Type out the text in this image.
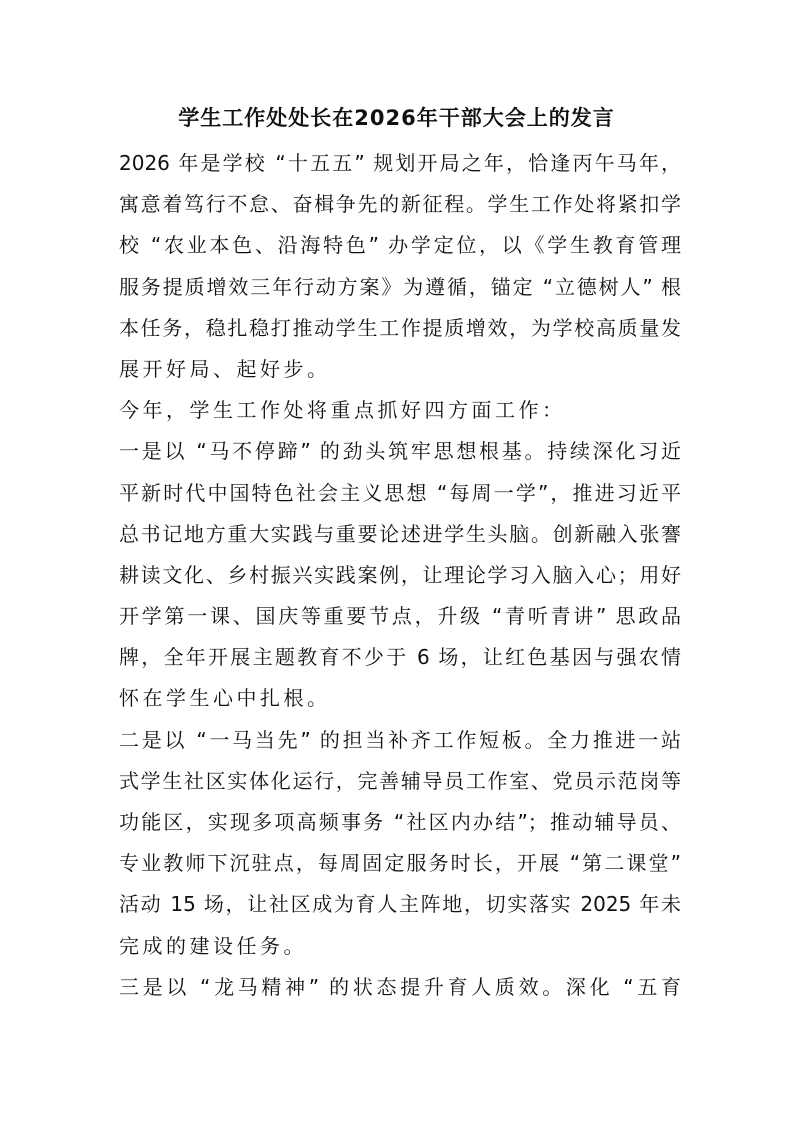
学生工作处处长在2026年干部大会上的发言
2026 年是学校 “十五五” 规划开局之年，恰逢丙午马年，
寓意着笃行不怠、奋楫争先的新征程。学生工作处将紧扣学
校 “农业本色、沿海特色” 办学定位，以《学生教育管理
服务提质增效三年行动方案》为遵循，锚定 “立德树人” 根
本任务，稳扎稳打推动学生工作提质增效，为学校高质量发
展开好局、起好步。
今年，学生工作处将重点抓好四方面工作：
一是以 “马不停蹄” 的劲头筑牢思想根基。持续深化习近
平新时代中国特色社会主义思想 “每周一学”，推进习近平
总书记地方重大实践与重要论述进学生头脑。创新融入张謇
耕读文化、乡村振兴实践案例，让理论学习入脑入心；用好
开学第一课、国庆等重要节点，升级 “青听青讲” 思政品
牌，全年开展主题教育不少于 6 场，让红色基因与强农情
怀在学生心中扎根。
二是以 “一马当先” 的担当补齐工作短板。全力推进一站
式学生社区实体化运行，完善辅导员工作室、党员示范岗等
功能区，实现多项高频事务 “社区内办结”；推动辅导员、
专业教师下沉驻点，每周固定服务时长，开展 “第二课堂”
活动 15 场，让社区成为育人主阵地，切实落实 2025 年未
完成的建设任务。
三是以 “龙马精神” 的状态提升育人质效。深化 “五育
